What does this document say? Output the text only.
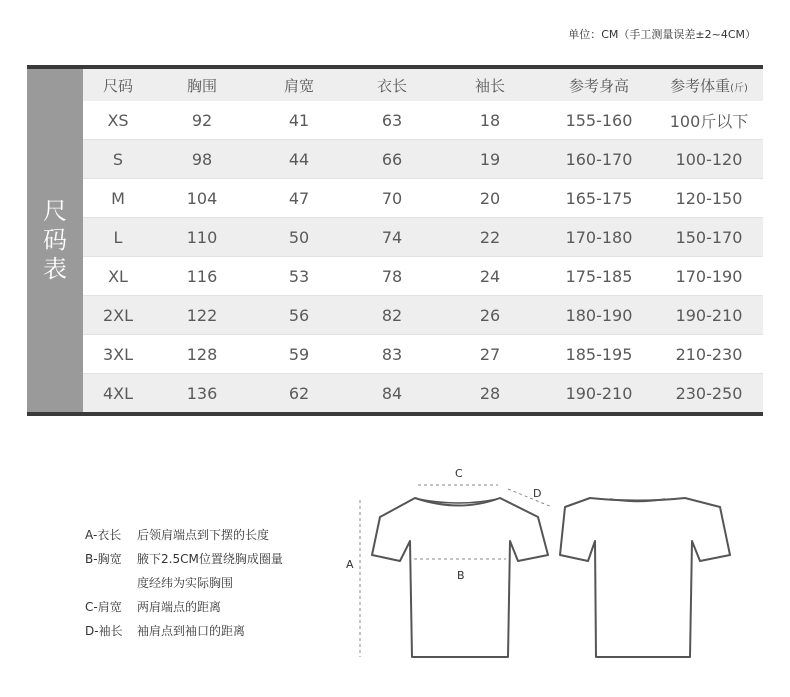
单位：CM（手工测量误差±2~4CM）
尺码表
尺码	胸围	肩宽	衣长	袖长	参考身高	参考体重(斤)
XS	92	41	63	18	155-160	100斤以下
S	98	44	66	19	160-170	100-120
M	104	47	70	20	165-175	120-150
L	110	50	74	22	170-180	150-170
XL	116	53	78	24	175-185	170-190
2XL	122	56	82	26	180-190	190-210
3XL	128	59	83	27	185-195	210-230
4XL	136	62	84	28	190-210	230-250
A-衣长	后领肩端点到下摆的长度
B-胸宽	腋下2.5CM位置绕胸成圈量
度经纬为实际胸围
C-肩宽	两肩端点的距离
D-袖长	袖肩点到袖口的距离
A
B
C
D
